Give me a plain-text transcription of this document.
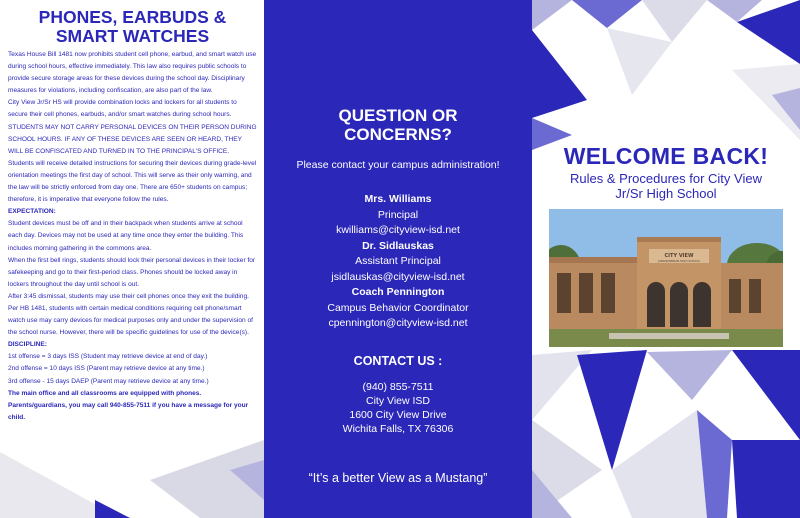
PHONES, EARBUDS &
SMART WATCHES

Texas House Bill 1481 now prohibits student cell phone, earbud, and smart watch use during school hours, effective immediately. This law also requires public schools to provide secure storage areas for these devices during the school day. Disciplinary measures for violations, including confiscation, are also part of the law.

City View Jr/Sr HS will provide combination locks and lockers for all students to secure their cell phones, earbuds, and/or smart watches during school hours. STUDENTS MAY NOT CARRY PERSONAL DEVICES ON THEIR PERSON DURING SCHOOL HOURS. IF ANY OF THESE DEVICES ARE SEEN OR HEARD, THEY WILL BE CONFISCATED AND TURNED IN TO THE PRINCIPAL'S OFFICE.

Students will receive detailed instructions for securing their devices during grade-level orientation meetings the first day of school. This will serve as their only warning, and the law will be strictly enforced from day one. There are 650+ students on campus; therefore, it is imperative that everyone follow the rules.

EXPECTATION:

Student devices must be off and in their backpack when students arrive at school each day. Devices may not be used at any time once they enter the building. This includes morning gathering in the commons area.

When the first bell rings, students should lock their personal devices in their locker for safekeeping and go to their first-period class. Phones should be locked away in lockers throughout the day until school is out.

After 3:45 dismissal, students may use their cell phones once they exit the building.

Per HB 1481, students with certain medical conditions requiring cell phone/smart watch use may carry devices for medical purposes only and under the supervision of the school nurse. However, there will be specific guidelines for use of the device(s).

DISCIPLINE:

1st offense = 3 days ISS (Student may retrieve device at end of day.)

2nd offense = 10 days ISS (Parent may retrieve device at any time.)

3rd offense - 15 days DAEP (Parent may retrieve device at any time.)

The main office and all classrooms are equipped with phones. Parents/guardians, you may call 940-855-7511 if you have a message for your child.

QUESTION OR
CONCERNS?
Please contact your campus administration!
Mrs. Williams
Principal
kwilliams@cityview-isd.net
Dr. Sidlauskas
Assistant Principal
jsidlauskas@cityview-isd.net
Coach Pennington
Campus Behavior Coordinator
cpennington@cityview-isd.net
CONTACT US :
(940) 855-7511
City View ISD
1600 City View Drive
Wichita Falls, TX 76306
“It’s a better View as a Mustang”
WELCOME BACK!
Rules & Procedures for City View Jr/Sr High School
CITY VIEW
JUNIOR/SENIOR HIGH SCHOOL
